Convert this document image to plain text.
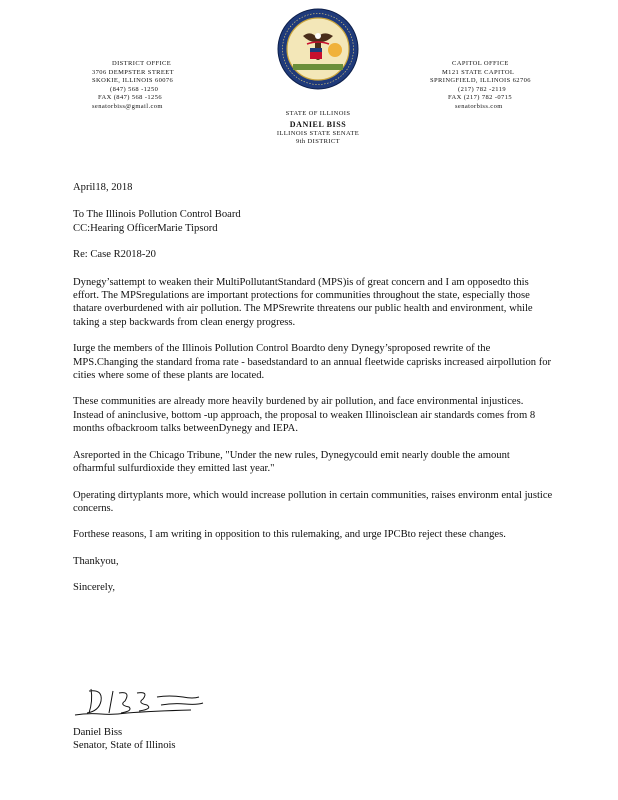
DISTRICT OFFICE
3706 DEMPSTER STREET
SKOKIE, ILLINOIS 60076
(847) 568 -1250
FAX (847) 568 -1256
senatorbiss@gmail.com
CAPITOL OFFICE
M121 STATE CAPITOL
SPRINGFIELD, ILLINOIS 62706
(217) 782 -2119
FAX (217) 782 -0715
senatorbiss.com
STATE OF ILLINOIS
DANIEL BISS
ILLINOIS STATE SENATE
9th DISTRICT

April18, 2018

To The Illinois Pollution Control Board

CC:Hearing OfficerMarie Tipsord

Re: Case R2018-20

Dynegy’sattempt to weaken their MultiPollutantStandard (MPS)is of great concern and I am opposedto this effort. The MPSregulations are important protections for communities throughout the state, especially those thatare overburdened with air pollution. The MPSrewrite threatens our public health and environment, while taking a step backwards from clean energy progress.

Iurge the members of the Illinois Pollution Control Boardto deny Dynegy’sproposed rewrite of the MPS.Changing the standard froma rate - basedstandard to an annual fleetwide caprisks increased airpollution for cities where some of these plants are located.

These communities are already more heavily burdened by air pollution, and face environmental injustices. Instead of aninclusive, bottom -up approach, the proposal to weaken Illinoisclean air standards comes from 8 months ofbackroom talks betweenDynegy and IEPA.

Asreported in the Chicago Tribune, "Under the new rules, Dynegycould emit nearly double the amount ofharmful sulfurdioxide they emitted last year."

Operating dirtyplants more, which would increase pollution in certain communities, raises environm ental justice concerns.

Forthese reasons, I am writing in opposition to this rulemaking, and urge IPCBto reject these changes.

Thankyou,

Sincerely,

Daniel Biss
Senator, State of Illinois
